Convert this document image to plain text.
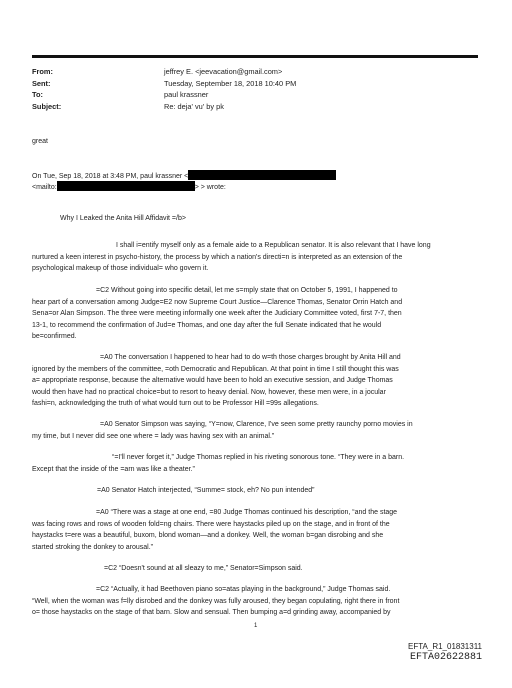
From:	jeffrey E. <jeevacation@gmail.com>
Sent:	Tuesday, September 18, 2018 10:40 PM
To:	paul krassner
Subject:	Re: deja' vu' by pk
great
On Tue, Sep 18, 2018 at 3:48 PM, paul krassner <
<mailto:	> > wrote:
Why I Leaked the Anita Hill Affidavit =/b>
I shall i=entify myself only as a female aide to a Republican senator. It is also relevant that I have long
nurtured a keen interest in psycho-history, the process by which a nation's directi=n is interpreted as an extension of the
psychological makeup of those individual= who govern it.
=C2 Without going into specific detail, let me s=mply state that on October 5, 1991, I happened to
hear part of a conversation among Judge=E2 now Supreme Court Justice—Clarence Thomas, Senator Orrin Hatch and
Sena=or Alan Simpson. The three were meeting informally one week after the Judiciary Committee voted, first 7-7, then
13-1, to recommend the confirmation of Jud=e Thomas, and one day after the full Senate indicated that he would
be=confirmed.
=A0 The conversation I happened to hear had to do w=th those charges brought by Anita Hill and
ignored by the members of the committee, =oth Democratic and Republican. At that point in time I still thought this was
a= appropriate response, because the alternative would have been to hold an executive session, and Judge Thomas
would then have had no practical choice=but to resort to heavy denial. Now, however, these men were, in a jocular
fashi=n, acknowledging the truth of what would turn out to be Professor Hill =99s allegations.
=A0 Senator Simpson was saying, “Y=now, Clarence, I've seen some pretty raunchy porno movies in
my time, but I never did see one where = lady was having sex with an animal.”
“=I'll never forget it,” Judge Thomas replied in his riveting sonorous tone. “They were in a barn.
Except that the inside of the =arn was like a theater.”
=A0 Senator Hatch interjected, “Summe= stock, eh? No pun intended”
=A0 “There was a stage at one end, =80 Judge Thomas continued his description, “and the stage
was facing rows and rows of wooden fold=ng chairs. There were haystacks piled up on the stage, and in front of the
haystacks t=ere was a beautiful, buxom, blond woman—and a donkey. Well, the woman b=gan disrobing and she
started stroking the donkey to arousal.”
=C2 “Doesn't sound at all sleazy to me,” Senator=Simpson said.
=C2 “Actually, it had Beethoven piano so=atas playing in the background,” Judge Thomas said.
“Well, when the woman was f=lly disrobed and the donkey was fully aroused, they began copulating, right there in front
o= those haystacks on the stage of that barn. Slow and sensual. Then bumping a=d grinding away, accompanied by
1
EFTA_R1_01831311
EFTA02622881
